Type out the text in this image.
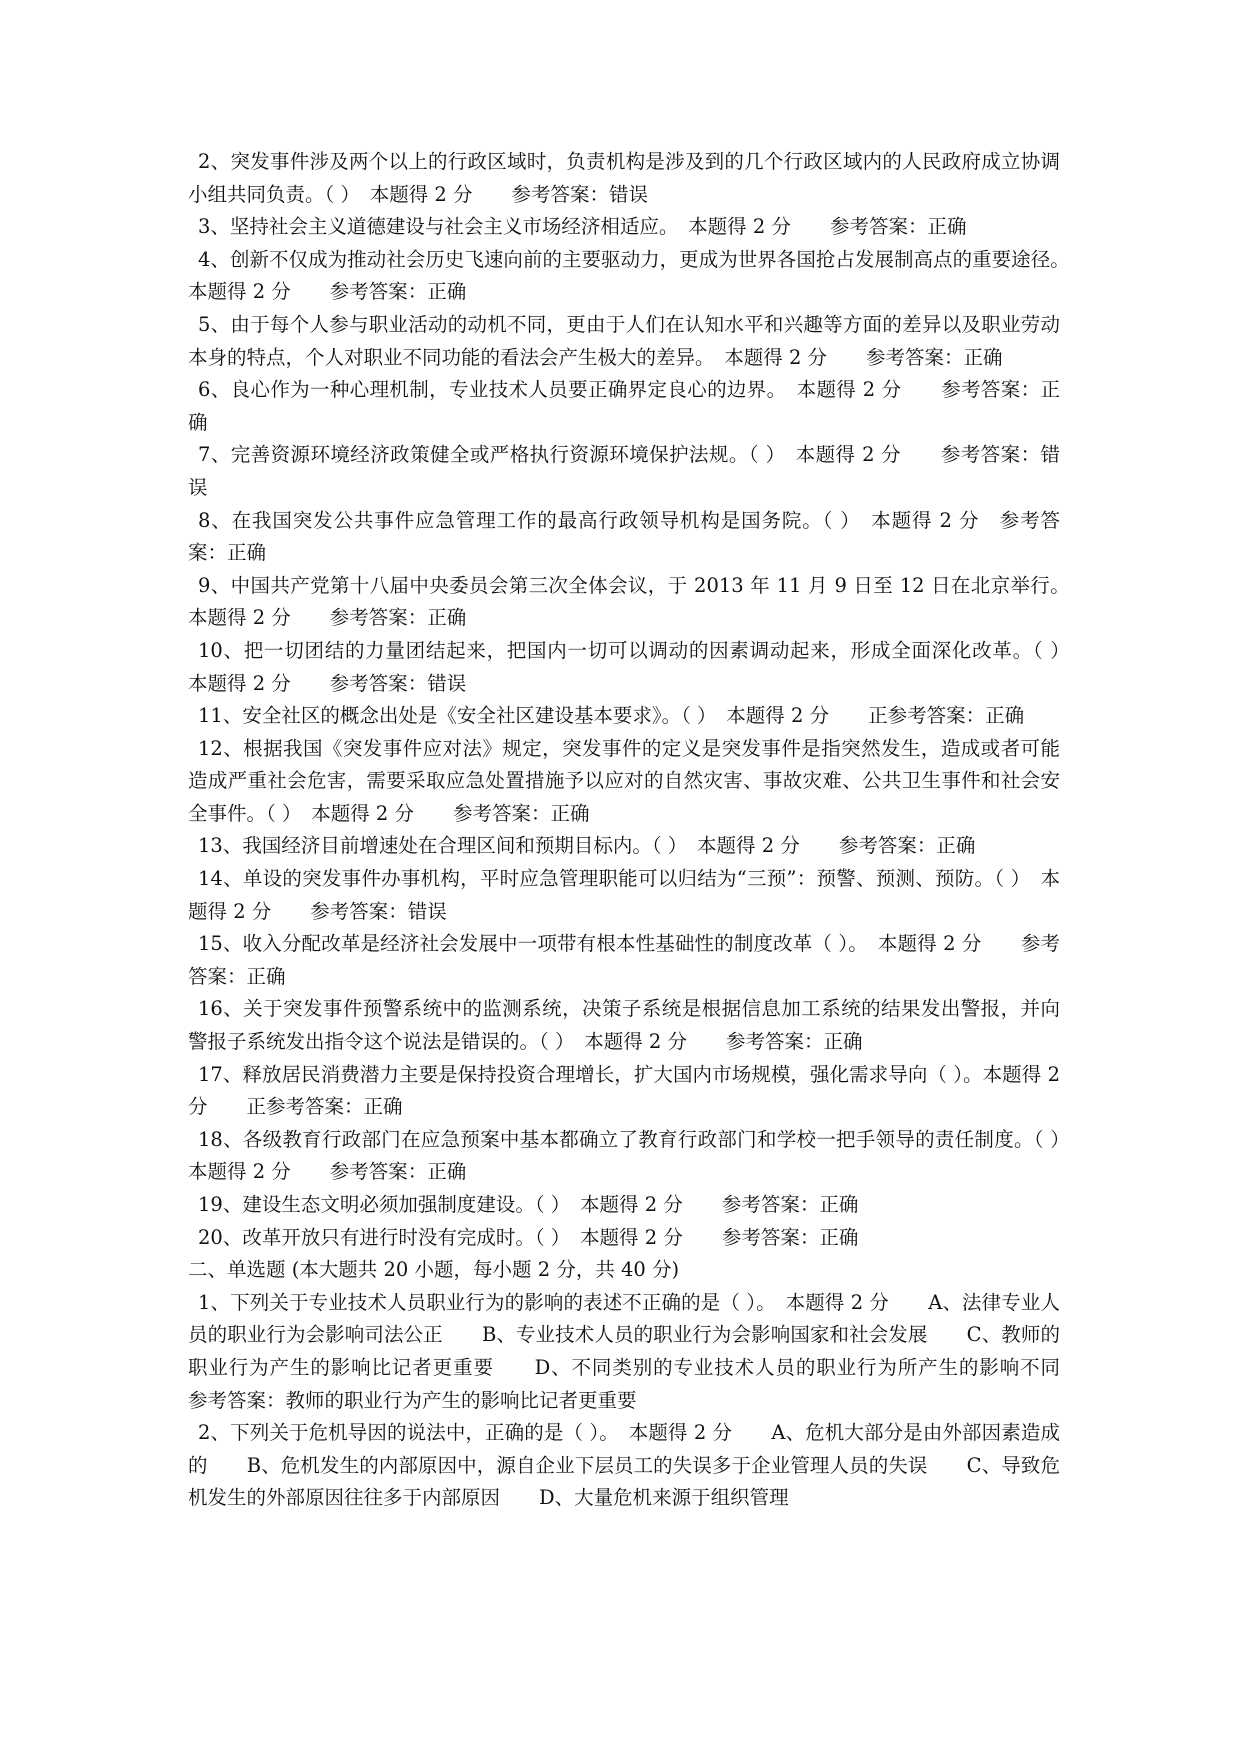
2、突发事件涉及两个以上的行政区域时，负责机构是涉及到的几个行政区域内的人民政府成立协调小组共同负责。（ ）　本题得 2 分　　参考答案：错误

3、坚持社会主义道德建设与社会主义市场经济相适应。　本题得 2 分　　参考答案：正确

4、创新不仅成为推动社会历史飞速向前的主要驱动力，更成为世界各国抢占发展制高点的重要途径。　本题得 2 分　　参考答案：正确

5、由于每个人参与职业活动的动机不同，更由于人们在认知水平和兴趣等方面的差异以及职业劳动本身的特点，个人对职业不同功能的看法会产生极大的差异。　本题得 2 分　　参考答案：正确

6、良心作为一种心理机制，专业技术人员要正确界定良心的边界。　本题得 2 分　　参考答案：正确

7、完善资源环境经济政策健全或严格执行资源环境保护法规。（ ）　本题得 2 分　　参考答案：错误

8、在我国突发公共事件应急管理工作的最高行政领导机构是国务院。（ ）　本题得 2 分　参考答案：正确

9、中国共产党第十八届中央委员会第三次全体会议，于 2013 年 11 月 9 日至 12 日在北京举行。　本题得 2 分　　参考答案：正确

10、把一切团结的力量团结起来，把国内一切可以调动的因素调动起来，形成全面深化改革。（ ）　本题得 2 分　　参考答案：错误

11、安全社区的概念出处是《安全社区建设基本要求》。（ ）　本题得 2 分　　正参考答案：正确

12、根据我国《突发事件应对法》规定，突发事件的定义是突发事件是指突然发生，造成或者可能造成严重社会危害，需要采取应急处置措施予以应对的自然灾害、事故灾难、公共卫生事件和社会安全事件。（ ）　本题得 2 分　　参考答案：正确

13、我国经济目前增速处在合理区间和预期目标内。（ ）　本题得 2 分　　参考答案：正确

14、单设的突发事件办事机构，平时应急管理职能可以归结为“三预”：预警、预测、预防。（ ）　本题得 2 分　　参考答案：错误

15、收入分配改革是经济社会发展中一项带有根本性基础性的制度改革（ ）。　本题得 2 分　　参考答案：正确

16、关于突发事件预警系统中的监测系统，决策子系统是根据信息加工系统的结果发出警报，并向警报子系统发出指令这个说法是错误的。（ ）　本题得 2 分　　参考答案：正确

17、释放居民消费潜力主要是保持投资合理增长，扩大国内市场规模，强化需求导向（ ）。本题得 2 分　　正参考答案：正确

18、各级教育行政部门在应急预案中基本都确立了教育行政部门和学校一把手领导的责任制度。（ ）　本题得 2 分　　参考答案：正确

19、建设生态文明必须加强制度建设。（ ）　本题得 2 分　　参考答案：正确

20、改革开放只有进行时没有完成时。（ ）　本题得 2 分　　参考答案：正确

二、单选题 (本大题共 20 小题，每小题 2 分，共 40 分)

1、下列关于专业技术人员职业行为的影响的表述不正确的是（ ）。　本题得 2 分　　A、法律专业人员的职业行为会影响司法公正　　B、专业技术人员的职业行为会影响国家和社会发展　　C、教师的职业行为产生的影响比记者更重要　　D、不同类别的专业技术人员的职业行为所产生的影响不同　参考答案：教师的职业行为产生的影响比记者更重要

2、下列关于危机导因的说法中，正确的是（ ）。　本题得 2 分　　A、危机大部分是由外部因素造成的　　B、危机发生的内部原因中，源自企业下层员工的失误多于企业管理人员的失误　　C、导致危机发生的外部原因往往多于内部原因　　D、大量危机来源于组织管理
